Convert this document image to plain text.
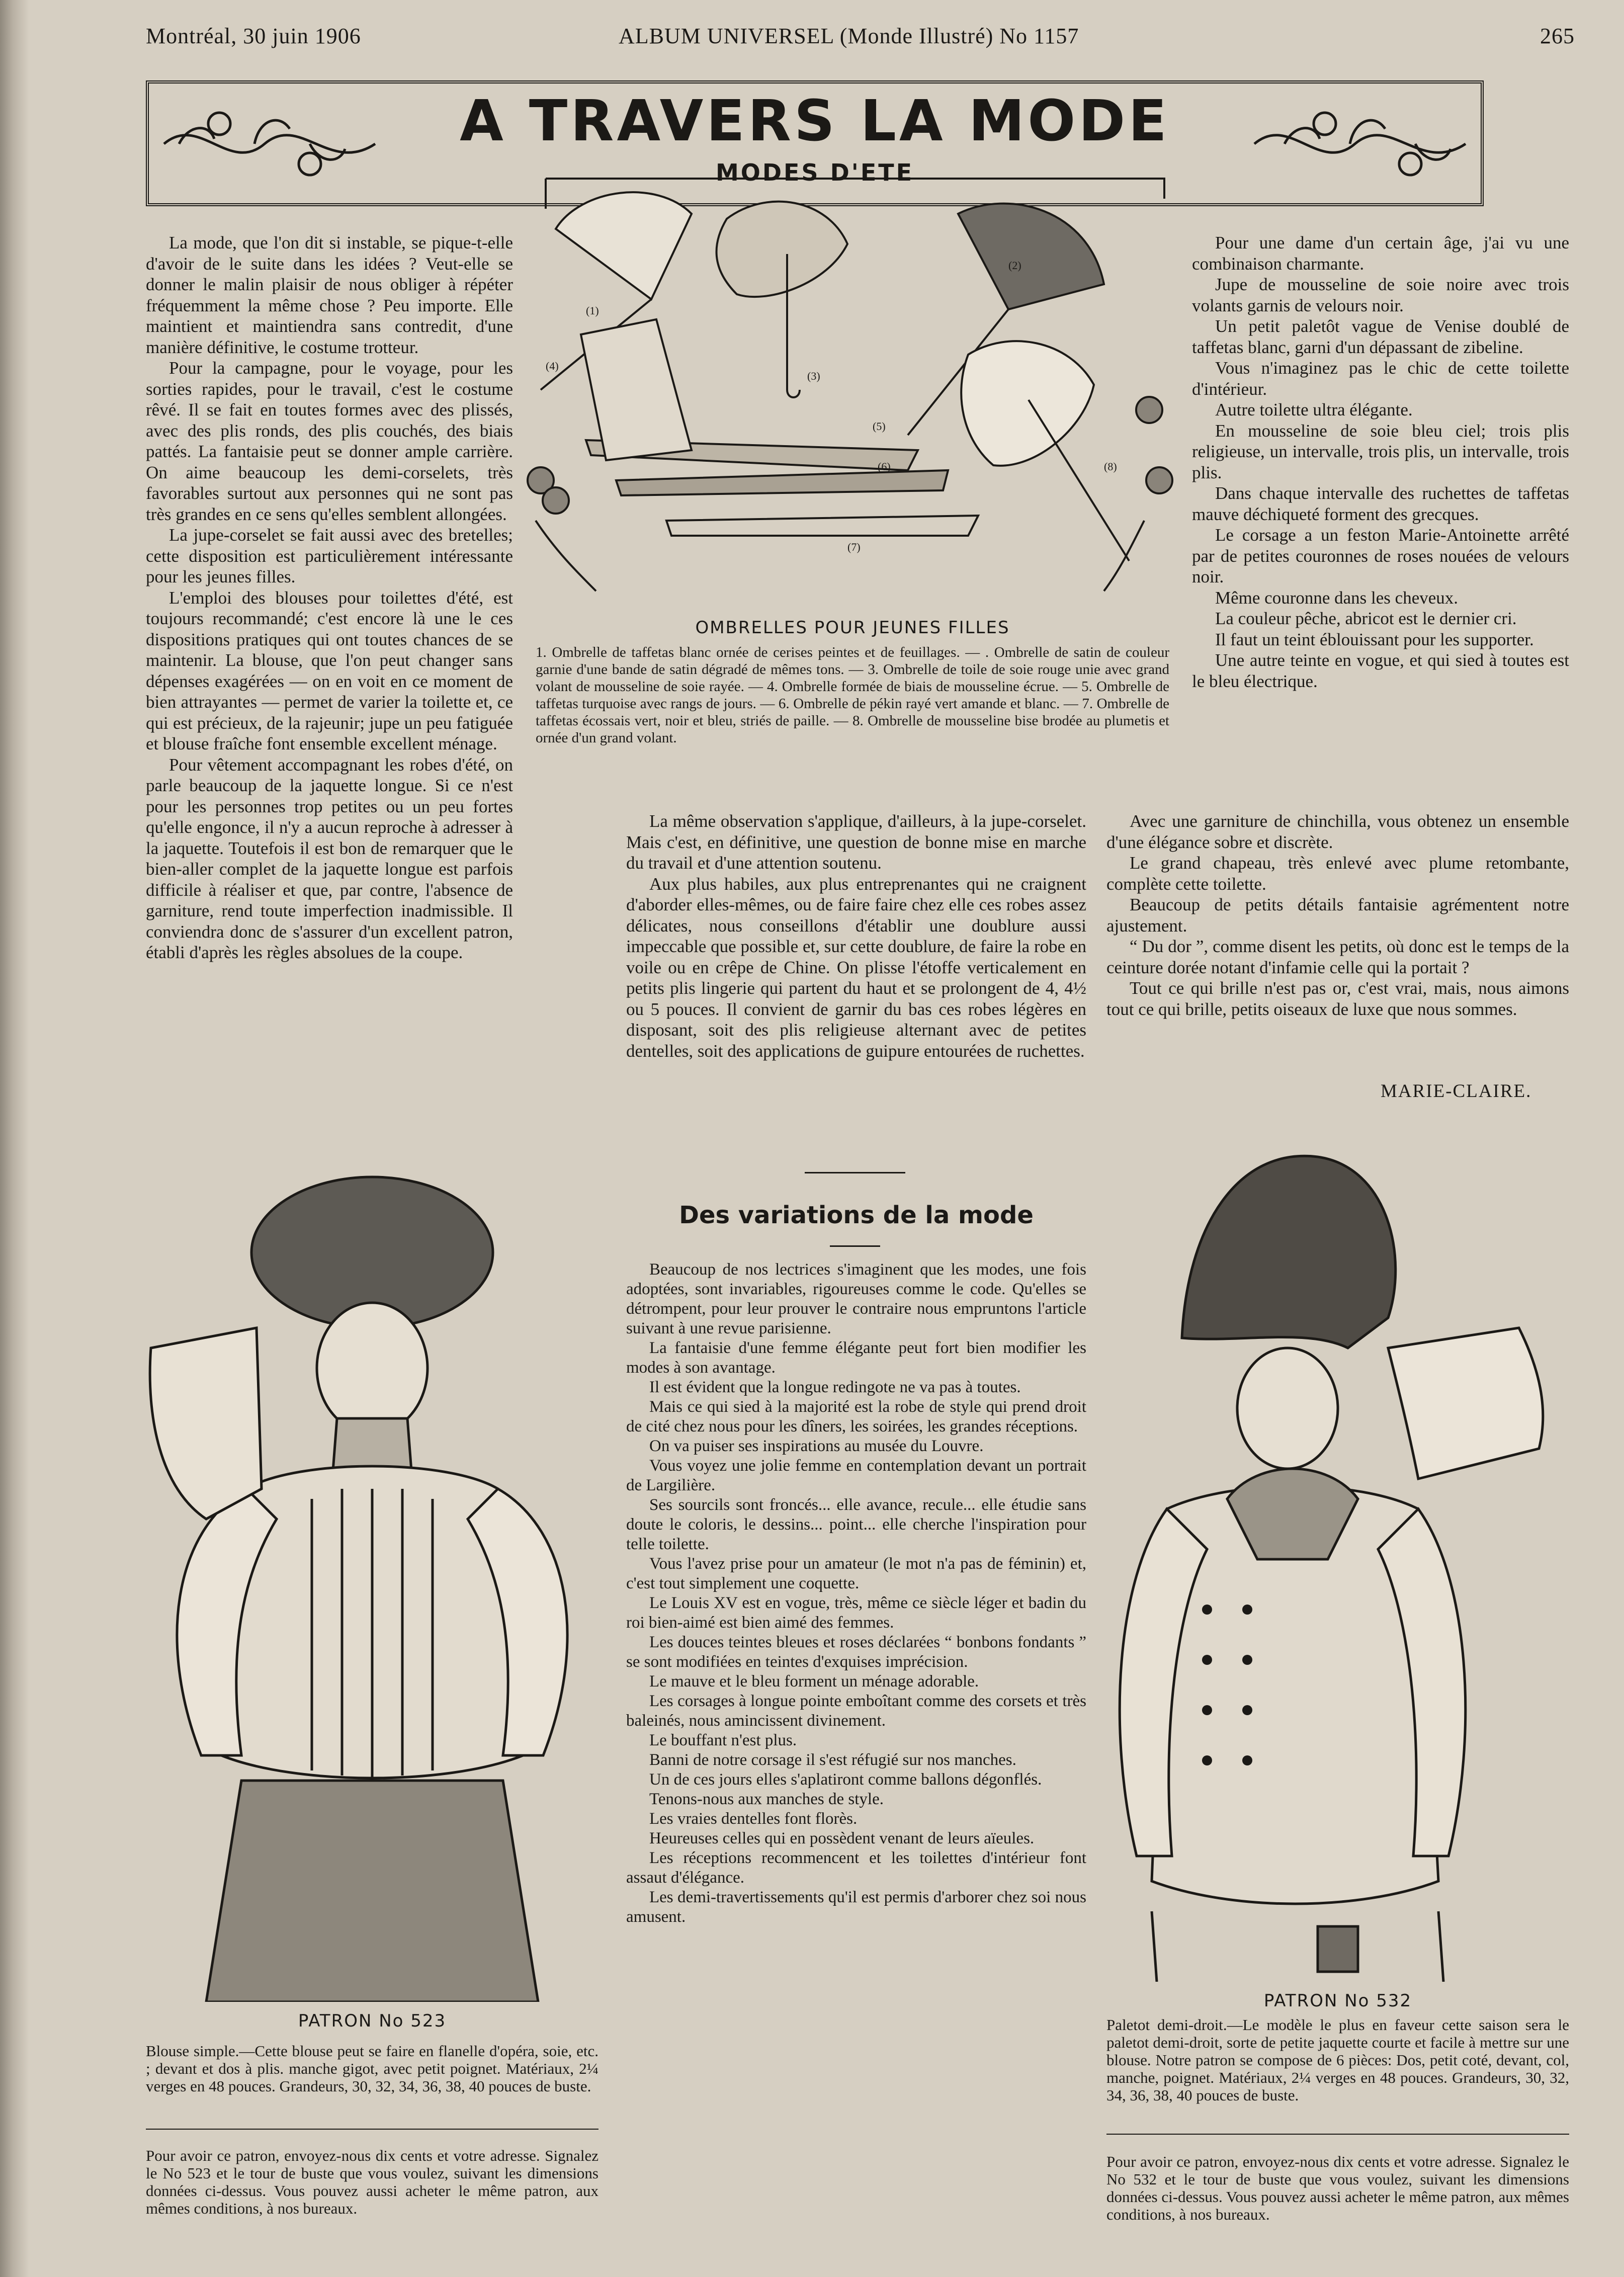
Montréal, 30 juin 1906	ALBUM UNIVERSEL (Monde Illustré) No 1157	265
A TRAVERS LA MODE
MODES D'ETE

La mode, que l'on dit si instable, se pique-t-elle d'avoir de le suite dans les idées ? Veut-elle se donner le malin plaisir de nous obliger à répéter fréquemment la même chose ? Peu importe. Elle maintient et maintiendra sans contredit, d'une manière définitive, le costume trotteur.

Pour la campagne, pour le voyage, pour les sorties rapides, pour le travail, c'est le costume rêvé. Il se fait en toutes formes avec des plissés, avec des plis ronds, des plis couchés, des biais pattés. La fantaisie peut se donner ample carrière. On aime beaucoup les demi-corselets, très favorables surtout aux personnes qui ne sont pas très grandes en ce sens qu'elles semblent allongées.

La jupe-corselet se fait aussi avec des bretelles; cette disposition est particulièrement intéressante pour les jeunes filles.

L'emploi des blouses pour toilettes d'été, est toujours recommandé; c'est encore là une le ces dispositions pratiques qui ont toutes chances de se maintenir. La blouse, que l'on peut changer sans dépenses exagérées — on en voit en ce moment de bien attrayantes — permet de varier la toilette et, ce qui est précieux, de la rajeunir; jupe un peu fatiguée et blouse fraîche font ensemble excellent ménage.

Pour vêtement accompagnant les robes d'été, on parle beaucoup de la jaquette longue. Si ce n'est pour les personnes trop petites ou un peu fortes qu'elle engonce, il n'y a aucun reproche à adresser à la jaquette. Toutefois il est bon de remarquer que le bien-aller complet de la jaquette longue est parfois difficile à réaliser et que, par contre, l'absence de garniture, rend toute imperfection inadmissible. Il conviendra donc de s'assurer d'un excellent patron, établi d'après les règles absolues de la coupe.

(4)
(3)
(5)
(6)
(7)
(8)
(2)
(1)
OMBRELLES POUR JEUNES FILLES
1. Ombrelle de taffetas blanc ornée de cerises peintes et de feuillages. — . Ombrelle de satin de couleur garnie d'une bande de satin dégradé de mêmes tons. — 3. Ombrelle de toile de soie rouge unie avec grand volant de mousseline de soie rayée. — 4. Ombrelle formée de biais de mousseline écrue. — 5. Ombrelle de taffetas turquoise avec rangs de jours. — 6. Ombrelle de pékin rayé vert amande et blanc. — 7. Ombrelle de taffetas écossais vert, noir et bleu, striés de paille. — 8. Ombrelle de mousseline bise brodée au plumetis et ornée d'un grand volant.

Pour une dame d'un certain âge, j'ai vu une combinaison charmante.

Jupe de mousseline de soie noire avec trois volants garnis de velours noir.

Un petit paletôt vague de Venise doublé de taffetas blanc, garni d'un dépassant de zibeline.

Vous n'imaginez pas le chic de cette toilette d'intérieur.

Autre toilette ultra élégante.

En mousseline de soie bleu ciel; trois plis religieuse, un intervalle, trois plis, un intervalle, trois plis.

Dans chaque intervalle des ruchettes de taffetas mauve déchiqueté forment des grecques.

Le corsage a un feston Marie-Antoinette arrêté par de petites couronnes de roses nouées de velours noir.

Même couronne dans les cheveux.

La couleur pêche, abricot est le dernier cri.

Il faut un teint éblouissant pour les supporter.

Une autre teinte en vogue, et qui sied à toutes est le bleu électrique.

Avec une garniture de chinchilla, vous obtenez un ensemble d'une élégance sobre et discrète.

Le grand chapeau, très enlevé avec plume retombante, complète cette toilette.

Beaucoup de petits détails fantaisie agrémentent notre ajustement.

“ Du dor ”, comme disent les petits, où donc est le temps de la ceinture dorée notant d'infamie celle qui la portait ?

Tout ce qui brille n'est pas or, c'est vrai, mais, nous aimons tout ce qui brille, petits oiseaux de luxe que nous sommes.

MARIE-CLAIRE.

La même observation s'applique, d'ailleurs, à la jupe-corselet. Mais c'est, en définitive, une question de bonne mise en marche du travail et d'une attention soutenu.

Aux plus habiles, aux plus entreprenantes qui ne craignent d'aborder elles-mêmes, ou de faire faire chez elle ces robes assez délicates, nous conseillons d'établir une doublure aussi impeccable que possible et, sur cette doublure, de faire la robe en voile ou en crêpe de Chine. On plisse l'étoffe verticalement en petits plis lingerie qui partent du haut et se prolongent de 4, 4½ ou 5 pouces. Il convient de garnir du bas ces robes légères en disposant, soit des plis religieuse alternant avec de petites dentelles, soit des applications de guipure entourées de ruchettes.

Des variations de la mode

Beaucoup de nos lectrices s'imaginent que les modes, une fois adoptées, sont invariables, rigoureuses comme le code. Qu'elles se détrompent, pour leur prouver le contraire nous empruntons l'article suivant à une revue parisienne.

La fantaisie d'une femme élégante peut fort bien modifier les modes à son avantage.

Il est évident que la longue redingote ne va pas à toutes.

Mais ce qui sied à la majorité est la robe de style qui prend droit de cité chez nous pour les dîners, les soirées, les grandes réceptions.

On va puiser ses inspirations au musée du Louvre.

Vous voyez une jolie femme en contemplation devant un portrait de Largilière.

Ses sourcils sont froncés... elle avance, recule... elle étudie sans doute le coloris, le dessins... point... elle cherche l'inspiration pour telle toilette.

Vous l'avez prise pour un amateur (le mot n'a pas de féminin) et, c'est tout simplement une coquette.

Le Louis XV est en vogue, très, même ce siècle léger et badin du roi bien-aimé est bien aimé des femmes.

Les douces teintes bleues et roses déclarées “ bonbons fondants ” se sont modifiées en teintes d'exquises imprécision.

Le mauve et le bleu forment un ménage adorable.

Les corsages à longue pointe emboîtant comme des corsets et très baleinés, nous amincissent divinement.

Le bouffant n'est plus.

Banni de notre corsage il s'est réfugié sur nos manches.

Un de ces jours elles s'aplatiront comme ballons dégonflés.

Tenons-nous aux manches de style.

Les vraies dentelles font florès.

Heureuses celles qui en possèdent venant de leurs aïeules.

Les réceptions recommencent et les toilettes d'intérieur font assaut d'élégance.

Les demi-travertissements qu'il est permis d'arborer chez soi nous amusent.

PATRON No 523

Blouse simple.—Cette blouse peut se faire en flanelle d'opéra, soie, etc. ; devant et dos à plis. manche gigot, avec petit poignet. Matériaux, 2¼ verges en 48 pouces. Grandeurs, 30, 32, 34, 36, 38, 40 pouces de buste.

Pour avoir ce patron, envoyez-nous dix cents et votre adresse. Signalez le No 523 et le tour de buste que vous voulez, suivant les dimensions données ci-dessus. Vous pouvez aussi acheter le même patron, aux mêmes conditions, à nos bureaux.

PATRON No 532

Paletot demi-droit.—Le modèle le plus en faveur cette saison sera le paletot demi-droit, sorte de petite jaquette courte et facile à mettre sur une blouse. Notre patron se compose de 6 pièces: Dos, petit coté, devant, col, manche, poignet. Matériaux, 2¼ verges en 48 pouces. Grandeurs, 30, 32, 34, 36, 38, 40 pouces de buste.

Pour avoir ce patron, envoyez-nous dix cents et votre adresse. Signalez le No 532 et le tour de buste que vous voulez, suivant les dimensions données ci-dessus. Vous pouvez aussi acheter le même patron, aux mêmes conditions, à nos bureaux.
